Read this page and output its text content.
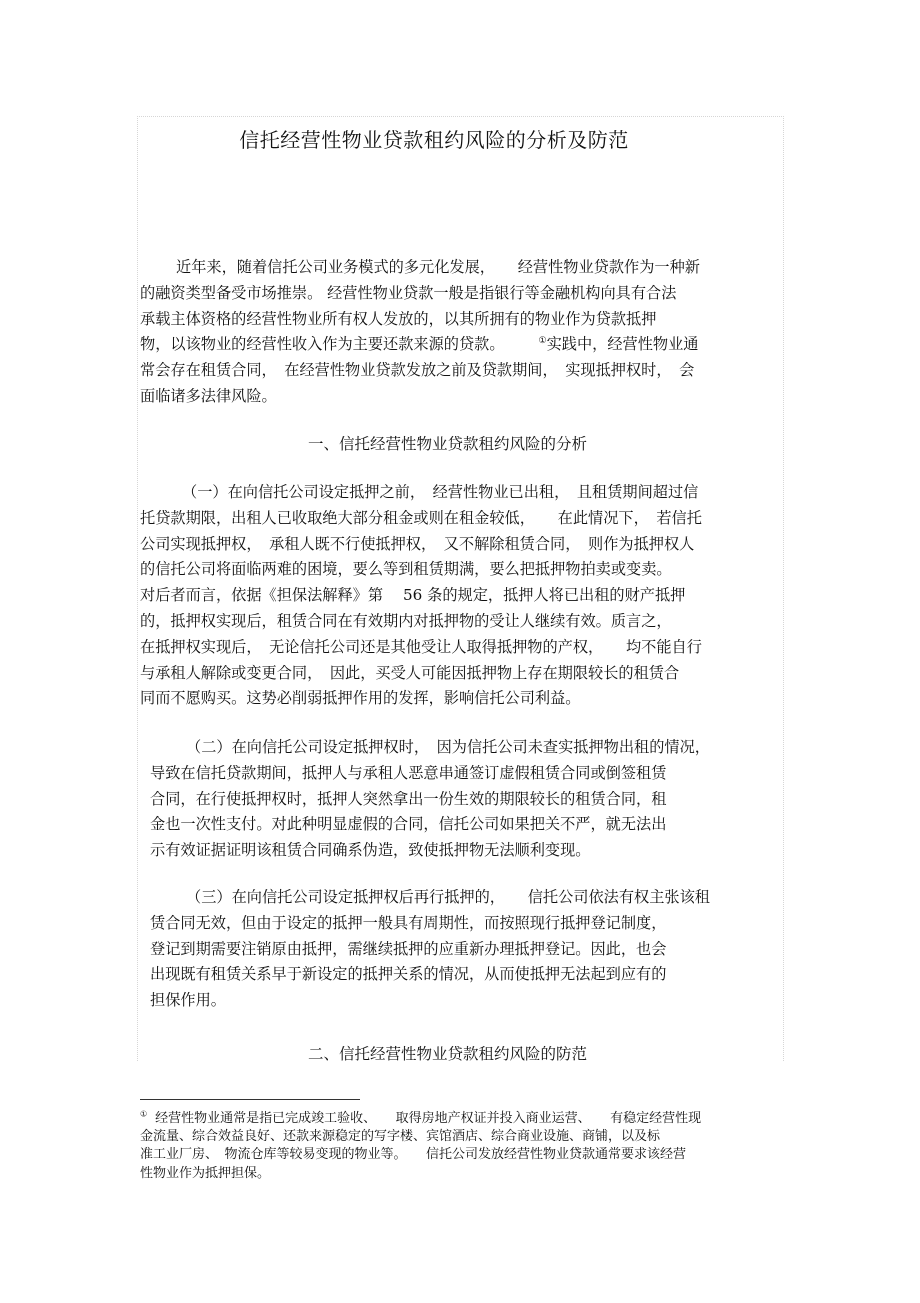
信托经营性物业贷款租约风险的分析及防范
近年来，随着信托公司业务模式的多元化发展，　　经营性物业贷款作为一种新
的融资类型备受市场推崇。 经营性物业贷款一般是指银行等金融机构向具有合法
承载主体资格的经营性物业所有权人发放的，以其所拥有的物业作为贷款抵押
物，以该物业的经营性收入作为主要还款来源的贷款。	①实践中，经营性物业通
常会存在租赁合同，　在经营性物业贷款发放之前及贷款期间，　实现抵押权时，　会
面临诸多法律风险。
一、信托经营性物业贷款租约风险的分析
（一）在向信托公司设定抵押之前，　经营性物业已出租，　且租赁期间超过信
托贷款期限，出租人已收取绝大部分租金或则在租金较低，　　在此情况下，　若信托
公司实现抵押权，　承租人既不行使抵押权，　又不解除租赁合同，　则作为抵押权人
的信托公司将面临两难的困境，要么等到租赁期满，要么把抵押物拍卖或变卖。
对后者而言，依据《担保法解释》第　 56 条的规定，抵押人将已出租的财产抵押
的，抵押权实现后，租赁合同在有效期内对抵押物的受让人继续有效。质言之，
在抵押权实现后，　无论信托公司还是其他受让人取得抵押物的产权，　　均不能自行
与承租人解除或变更合同，　因此，买受人可能因抵押物上存在期限较长的租赁合
同而不愿购买。这势必削弱抵押作用的发挥，影响信托公司利益。
（二）在向信托公司设定抵押权时，　因为信托公司未查实抵押物出租的情况，
导致在信托贷款期间，抵押人与承租人恶意串通签订虚假租赁合同或倒签租赁
合同，在行使抵押权时，抵押人突然拿出一份生效的期限较长的租赁合同，租
金也一次性支付。对此种明显虚假的合同，信托公司如果把关不严，就无法出
示有效证据证明该租赁合同确系伪造，致使抵押物无法顺利变现。
（三）在向信托公司设定抵押权后再行抵押的，　　信托公司依法有权主张该租
赁合同无效，但由于设定的抵押一般具有周期性，而按照现行抵押登记制度，
登记到期需要注销原由抵押，需继续抵押的应重新办理抵押登记。因此，也会
出现既有租赁关系早于新设定的抵押关系的情况，从而使抵押无法起到应有的
担保作用。
二、信托经营性物业贷款租约风险的防范
① 经营性物业通常是指已完成竣工验收、　　取得房地产权证并投入商业运营、　　有稳定经营性现
金流量、综合效益良好、还款来源稳定的写字楼、宾馆酒店、综合商业设施、商铺，以及标
准工业厂房、　物流仓库等较易变现的物业等。　　信托公司发放经营性物业贷款通常要求该经营
性物业作为抵押担保。
